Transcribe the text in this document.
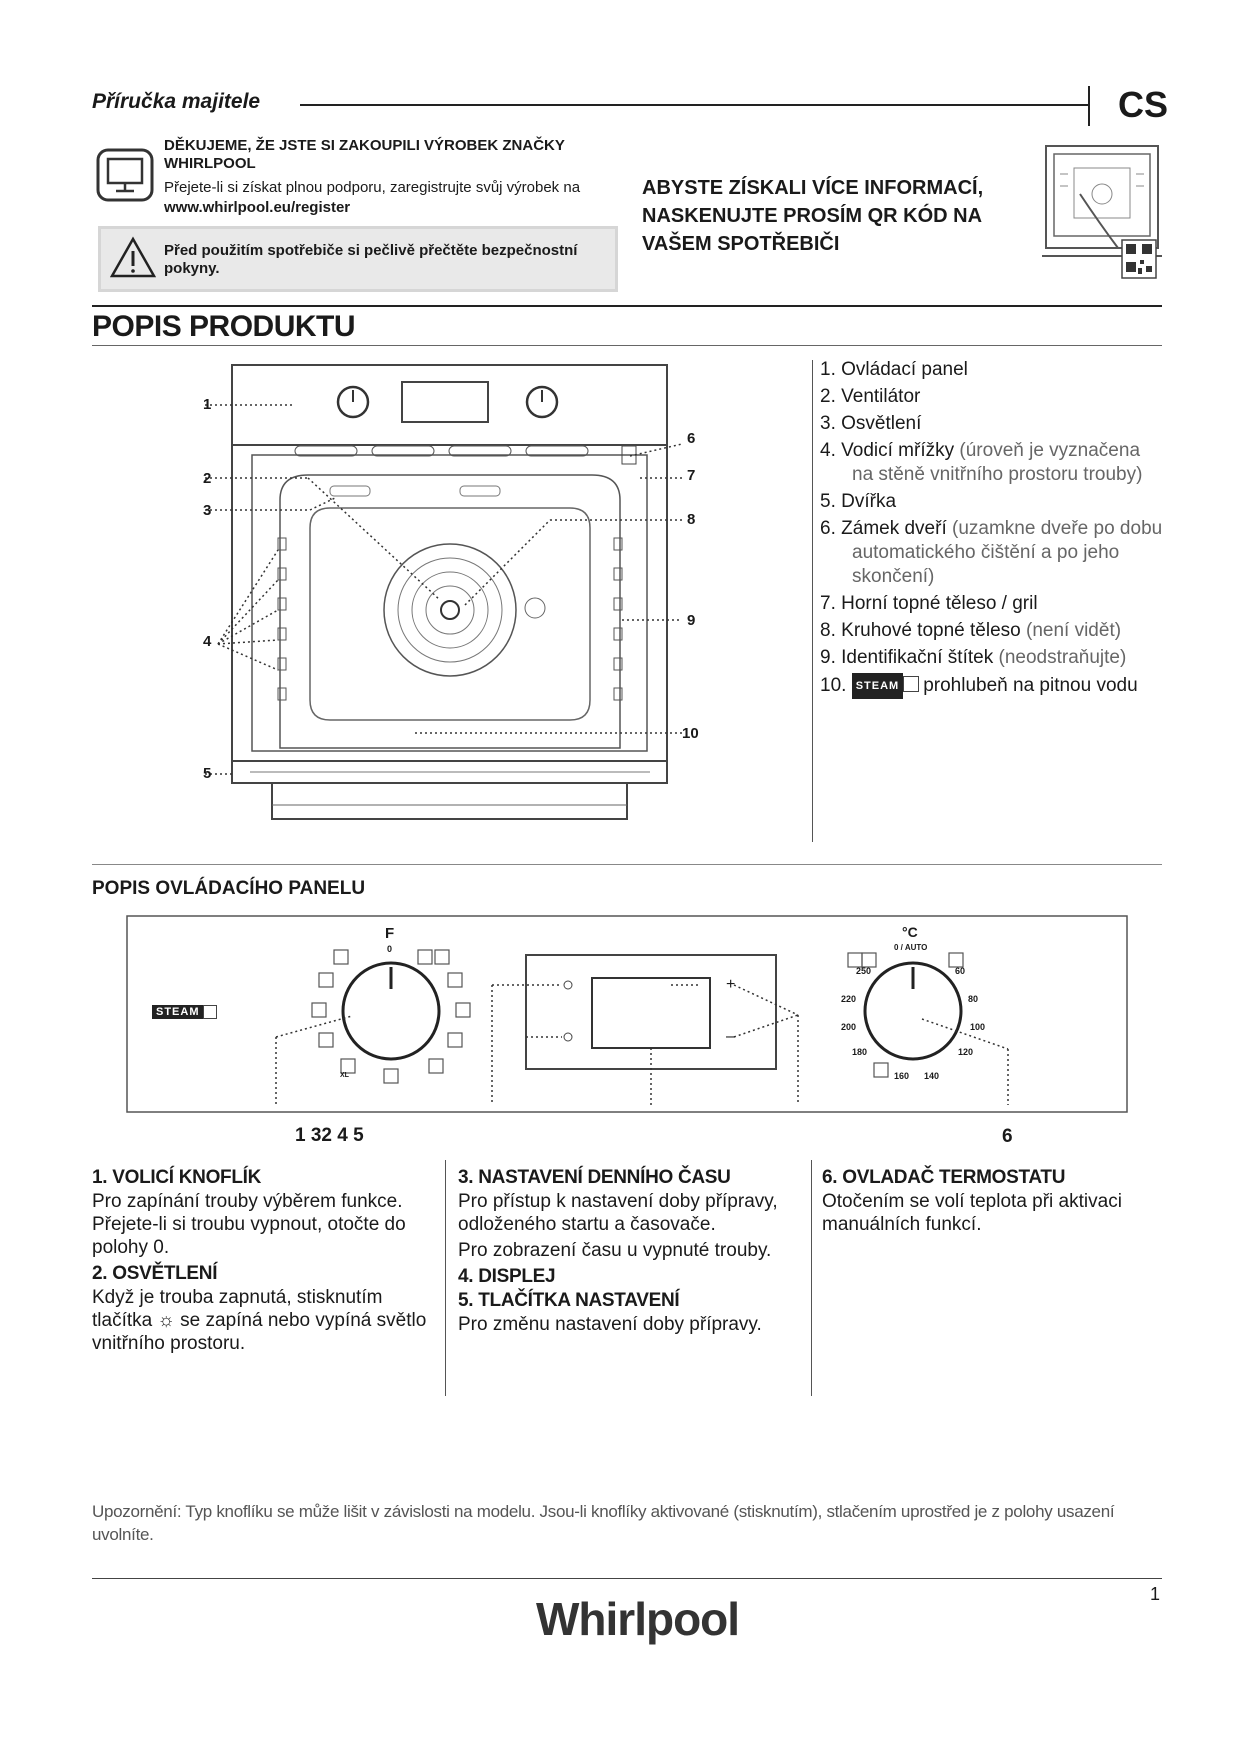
Příručka majitele	CS
DĚKUJEME, ŽE JSTE SI ZAKOUPILI VÝROBEK ZNAČKY WHIRLPOOL
Přejete-li si získat plnou podporu, zaregistrujte svůj výrobek na www.whirlpool.eu/register
Před použitím spotřebiče si pečlivě přečtěte bezpečnostní pokyny.
ABYSTE ZÍSKALI VÍCE INFORMACÍ, NASKENUJTE PROSÍM QR KÓD NA VAŠEM SPOTŘEBIČI
POPIS PRODUKTU
1
2
3
4
5
6
7
8
9
10
1. Ovládací panel
2. Ventilátor
3. Osvětlení
4. Vodicí mřížky (úroveň je vyznačena na stěně vnitřního prostoru trouby)
5. Dvířka
6. Zámek dveří (uzamkne dveře po dobu automatického čištění a po jeho skončení)
7. Horní topné těleso / gril
8. Kruhové topné těleso (není vidět)
9. Identifikační štítek (neodstraňujte)
10. STEAM prohlubeň na pitnou vodu
POPIS OVLÁDACÍHO PANELU
STEAM
F
0
XL
+
–
°C
0 / AUTO
250	60
220	80
200	100
180	120
160 140
1 32 4 5	6
1. VOLICÍ KNOFLÍK

Pro zapínání trouby výběrem funkce. Přejete-li si troubu vypnout, otočte do polohy 0.

2. OSVĚTLENÍ

Když je trouba zapnutá, stisknutím tlačítka ☼ se zapíná nebo vypíná světlo vnitřního prostoru.

3. NASTAVENÍ DENNÍHO ČASU

Pro přístup k nastavení doby přípravy, odloženého startu a časovače.

Pro zobrazení času u vypnuté trouby.

4. DISPLEJ
5. TLAČÍTKA NASTAVENÍ

Pro změnu nastavení doby přípravy.

6. OVLADAČ TERMOSTATU

Otočením se volí teplota při aktivaci manuálních funkcí.

Upozornění: Typ knoflíku se může lišit v závislosti na modelu. Jsou-li knoflíky aktivované (stisknutím), stlačením uprostřed je z polohy usazení uvolníte.
1
Whirlpool
